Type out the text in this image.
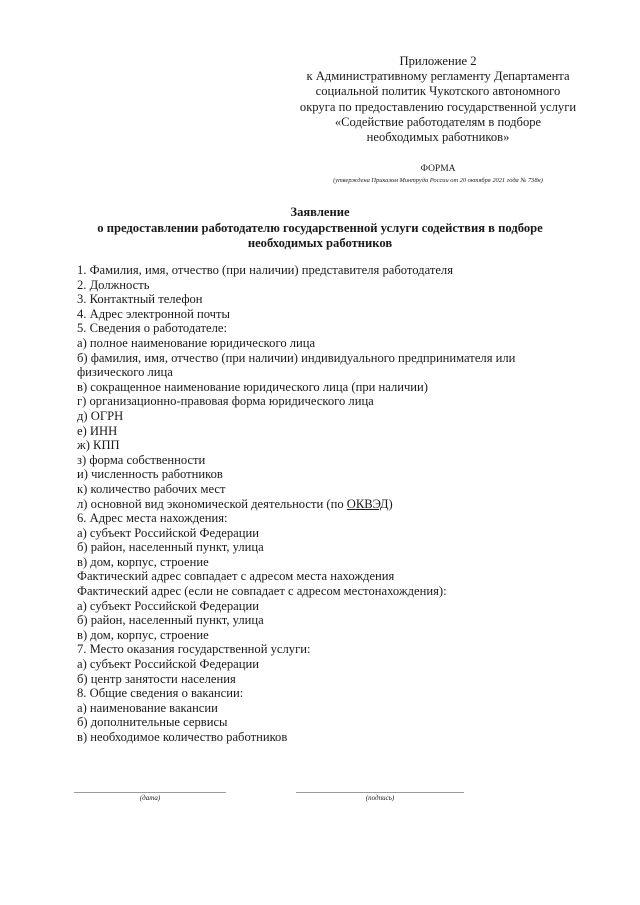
Приложение 2
к Административному регламенту Департамента
социальной политик Чукотского автономного
округа по предоставлению государственной услуги
«Содействие работодателям в подборе
необходимых работников»
ФОРМА
(утверждена Приказом Минтруда России от 20 октября 2021 года № 738н)
Заявление
о предоставлении работодателю государственной услуги содействия в подборе
необходимых работников
1. Фамилия, имя, отчество (при наличии) представителя работодателя
2. Должность
3. Контактный телефон
4. Адрес электронной почты
5. Сведения о работодателе:
а) полное наименование юридического лица
б) фамилия, имя, отчество (при наличии) индивидуального предпринимателя или
физического лица
в) сокращенное наименование юридического лица (при наличии)
г) организационно-правовая форма юридического лица
д) ОГРН
е) ИНН
ж) КПП
з) форма собственности
и) численность работников
к) количество рабочих мест
л) основной вид экономической деятельности (по ОКВЭД)
6. Адрес места нахождения:
а) субъект Российской Федерации
б) район, населенный пункт, улица
в) дом, корпус, строение
Фактический адрес совпадает с адресом места нахождения
Фактический адрес (если не совпадает с адресом местонахождения):
а) субъект Российской Федерации
б) район, населенный пункт, улица
в) дом, корпус, строение
7. Место оказания государственной услуги:
а) субъект Российской Федерации
б) центр занятости населения
8. Общие сведения о вакансии:
а) наименование вакансии
б) дополнительные сервисы
в) необходимое количество работников
(дата)	(подпись)
